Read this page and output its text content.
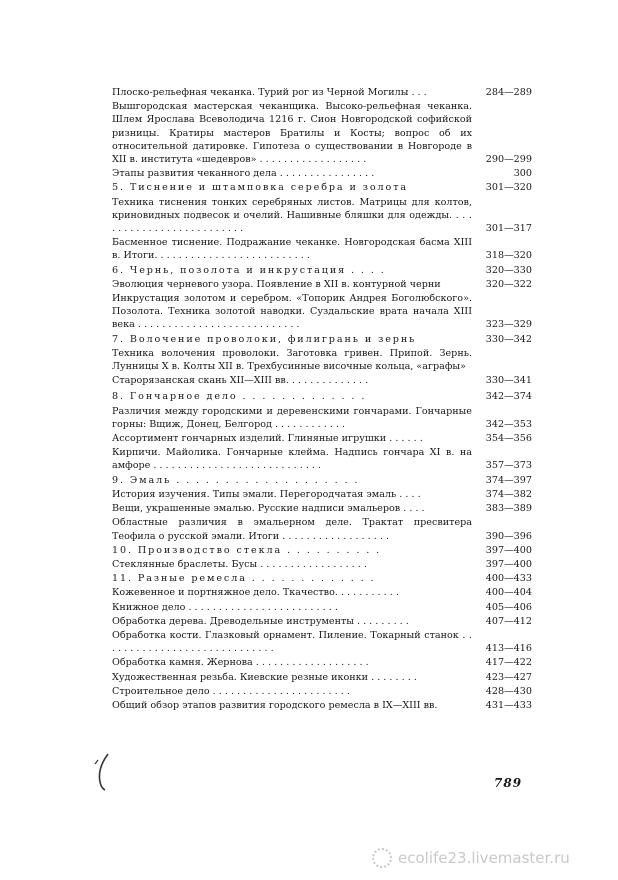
Плоско-рельефная чеканка. Турий рог из Черной Могилы . . .	284—289
Вышгородская мастерская чеканщика. Высоко-рельефная чеканка. Шлем Ярослава Всеволодича 1216 г. Сион Новгородской софийской ризницы. Кратиры мастеров Братилы и Косты; вопрос об их относительной датировке. Гипотеза о существовании в Новгороде в XII в. института «шедевров» . . . . . . . . . . . . . . . . . .	290—299
Этапы развития чеканного дела . . . . . . . . . . . . . . . .	300
5. Тиснение и штамповка серебра и золота	301—320
Техника тиснения тонких серебряных листов. Матрицы для колтов, криновидных подвесок и очелий. Нашивные бляшки для одежды. . . . . . . . . . . . . . . . . . . . . . . . . .	301—317
Басменное тиснение. Подражание чеканке. Новгородская басма XIII в. Итоги. . . . . . . . . . . . . . . . . . . . . . . . . .	318—320
6. Чернь, позолота и инкрустация . . . .	320—330
Эволюция черневого узора. Появление в XII в. контурной черни	320—322
Инкрустация золотом и серебром. «Топорик Андрея Боголюбского». Позолота. Техника золотой наводки. Суздальские врата начала XIII века . . . . . . . . . . . . . . . . . . . . . . . . . . .	323—329
7. Волочение проволоки, филигрань и зернь	330—342
Техника волочения проволоки. Заготовка гривен. Припой. Зернь. Лунницы X в. Колты XII в. Трехбусинные височные кольца, «аграфы»
Старорязанская скань XII—XIII вв. . . . . . . . . . . . . .	330—341
8. Гончарное дело . . . . . . . . . . . . .	342—374
Различия между городскими и деревенскими гончарами. Гончарные горны: Вщиж, Донец, Белгород . . . . . . . . . . . .	342—353
Ассортимент гончарных изделий. Глиняные игрушки . . . . . .	354—356
Кирпичи. Майолика. Гончарные клейма. Надпись гончара XI в. на амфоре . . . . . . . . . . . . . . . . . . . . . . . . . . . .	357—373
9. Эмаль . . . . . . . . . . . . . . . . . . .	374—397
История изучения. Типы эмали. Перегородчатая эмаль . . . .	374—382
Вещи, украшенные эмалью. Русские надписи эмальеров . . . .	383—389
Областные различия в эмальерном деле. Трактат пресвитера Теофила о русской эмали. Итоги . . . . . . . . . . . . . . . . . .	390—396
10. Производство стекла . . . . . . . . . .	397—400
Стеклянные браслеты. Бусы . . . . . . . . . . . . . . . . . .	397—400
11. Разные ремесла . . . . . . . . . . . . .	400—433
Кожевенное и портняжное дело. Ткачество. . . . . . . . . . .	400—404
Книжное дело . . . . . . . . . . . . . . . . . . . . . . . . .	405—406
Обработка дерева. Древодельные инструменты . . . . . . . . .	407—412
Обработка кости. Глазковый орнамент. Пиление. Токарный станок . . . . . . . . . . . . . . . . . . . . . . . . . . . . .	413—416
Обработка камня. Жернова . . . . . . . . . . . . . . . . . . .	417—422
Художественная резьба. Киевские резные иконки . . . . . . . .	423—427
Строительное дело . . . . . . . . . . . . . . . . . . . . . . .	428—430
Общий обзор этапов развития городского ремесла в IX—XIII вв.	431—433
789
ecolife23.livemaster.ru
